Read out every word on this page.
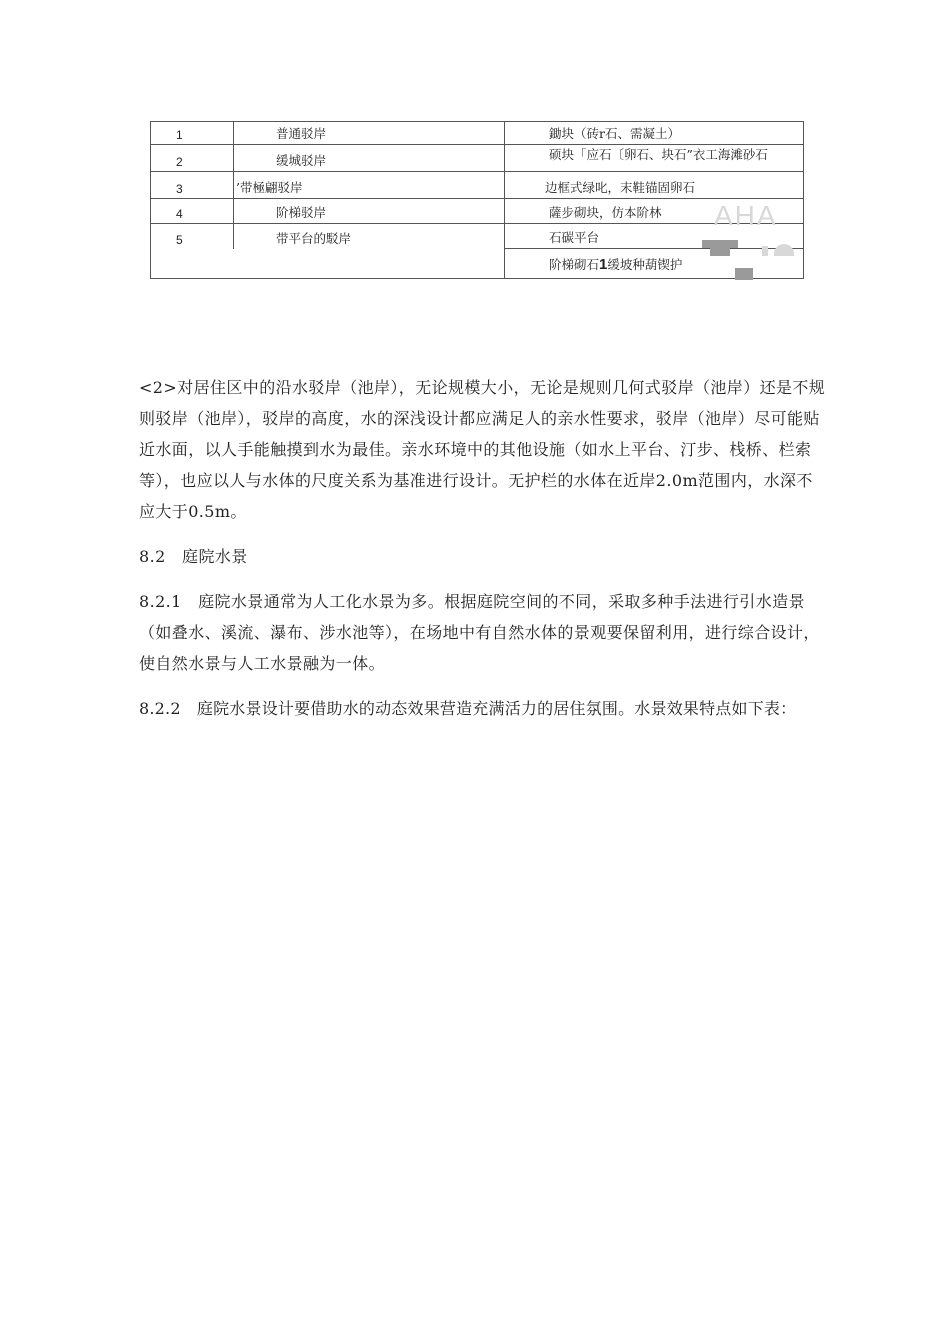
1	普通驳岸	鋤块（砖r石、需凝土）
2	缓城驳岸	硕块「应石〔卵石、块石”衣工海滩砂石
3	’带極翩驳岸	边框式绿叱，末鞋锚固卵石
4	阶梯驳岸	薩步砌块，仿本阶林
5	带平台的駁岸	石碳平台
		阶梯砌石1缓坡种葫锲护
AHA

<2>对居住区中的沿水驳岸（池岸），无论规模大小，无论是规则几何式驳岸（池岸）还是不规则驳岸（池岸），驳岸的高度，水的深浅设计都应满足人的亲水性要求，驳岸（池岸）尽可能贴近水面，以人手能触摸到水为最佳。亲水环境中的其他设施（如水上平台、汀步、栈桥、栏索等），也应以人与水体的尺度关系为基准进行设计。无护栏的水体在近岸2.0m范围内，水深不应大于0.5m。

8.2　庭院水景

8.2.1　庭院水景通常为人工化水景为多。根据庭院空间的不同，采取多种手法进行引水造景（如叠水、溪流、瀑布、涉水池等），在场地中有自然水体的景观要保留利用，进行综合设计，使自然水景与人工水景融为一体。

8.2.2　庭院水景设计要借助水的动态效果营造充满活力的居住氛围。水景效果特点如下表：
